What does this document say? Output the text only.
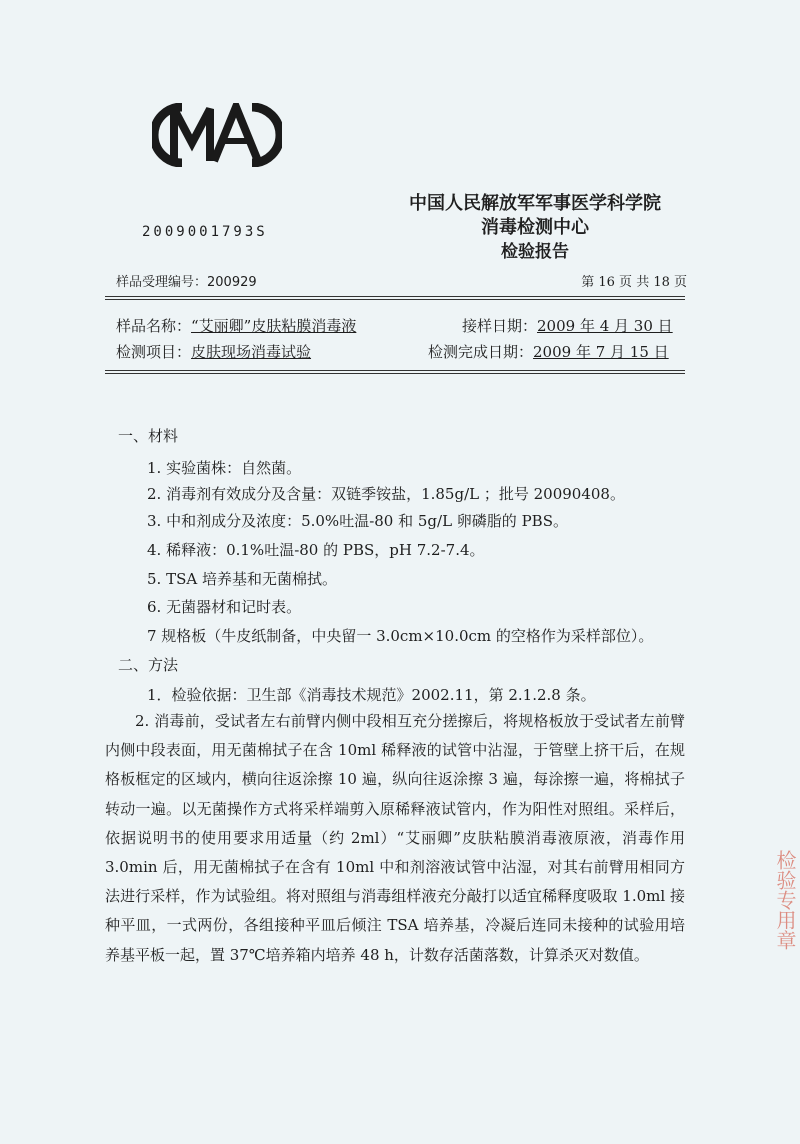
2009001793S
中国人民解放军军事医学科学院
消毒检测中心
检验报告
样品受理编号：200929	第 16 页 共 18 页
样品名称：“艾丽卿”皮肤粘膜消毒液
检测项目：皮肤现场消毒试验
接样日期：2009 年 4 月 30 日
检测完成日期：2009 年 7 月 15 日
一、材料
1. 实验菌株：自然菌。
2. 消毒剂有效成分及含量：双链季铵盐，1.85g/L ；批号 20090408。
3. 中和剂成分及浓度：5.0%吐温-80 和 5g/L 卵磷脂的 PBS。
4. 稀释液：0.1%吐温-80 的 PBS，pH 7.2-7.4。
5. TSA 培养基和无菌棉拭。
6. 无菌器材和记时表。
7 规格板（牛皮纸制备，中央留一 3.0cm×10.0cm 的空格作为采样部位）。
二、方法
1．检验依据：卫生部《消毒技术规范》2002.11，第 2.1.2.8 条。
2. 消毒前，受试者左右前臂内侧中段相互充分搓擦后，将规格板放于受试者左前臂内侧中段表面，用无菌棉拭子在含 10ml 稀释液的试管中沾湿，于管壁上挤干后，在规格板框定的区域内，横向往返涂擦 10 遍，纵向往返涂擦 3 遍，每涂擦一遍，将棉拭子转动一遍。以无菌操作方式将采样端剪入原稀释液试管内，作为阳性对照组。采样后，依据说明书的使用要求用适量（约 2ml）“艾丽卿”皮肤粘膜消毒液原液，消毒作用 3.0min 后，用无菌棉拭子在含有 10ml 中和剂溶液试管中沾湿，对其右前臂用相同方法进行采样，作为试验组。将对照组与消毒组样液充分敲打以适宜稀释度吸取 1.0ml 接种平皿，一式两份，各组接种平皿后倾注 TSA 培养基，冷凝后连同未接种的试验用培养基平板一起，置 37℃培养箱内培养 48 h，计数存活菌落数，计算杀灭对数值。
检验专用章
